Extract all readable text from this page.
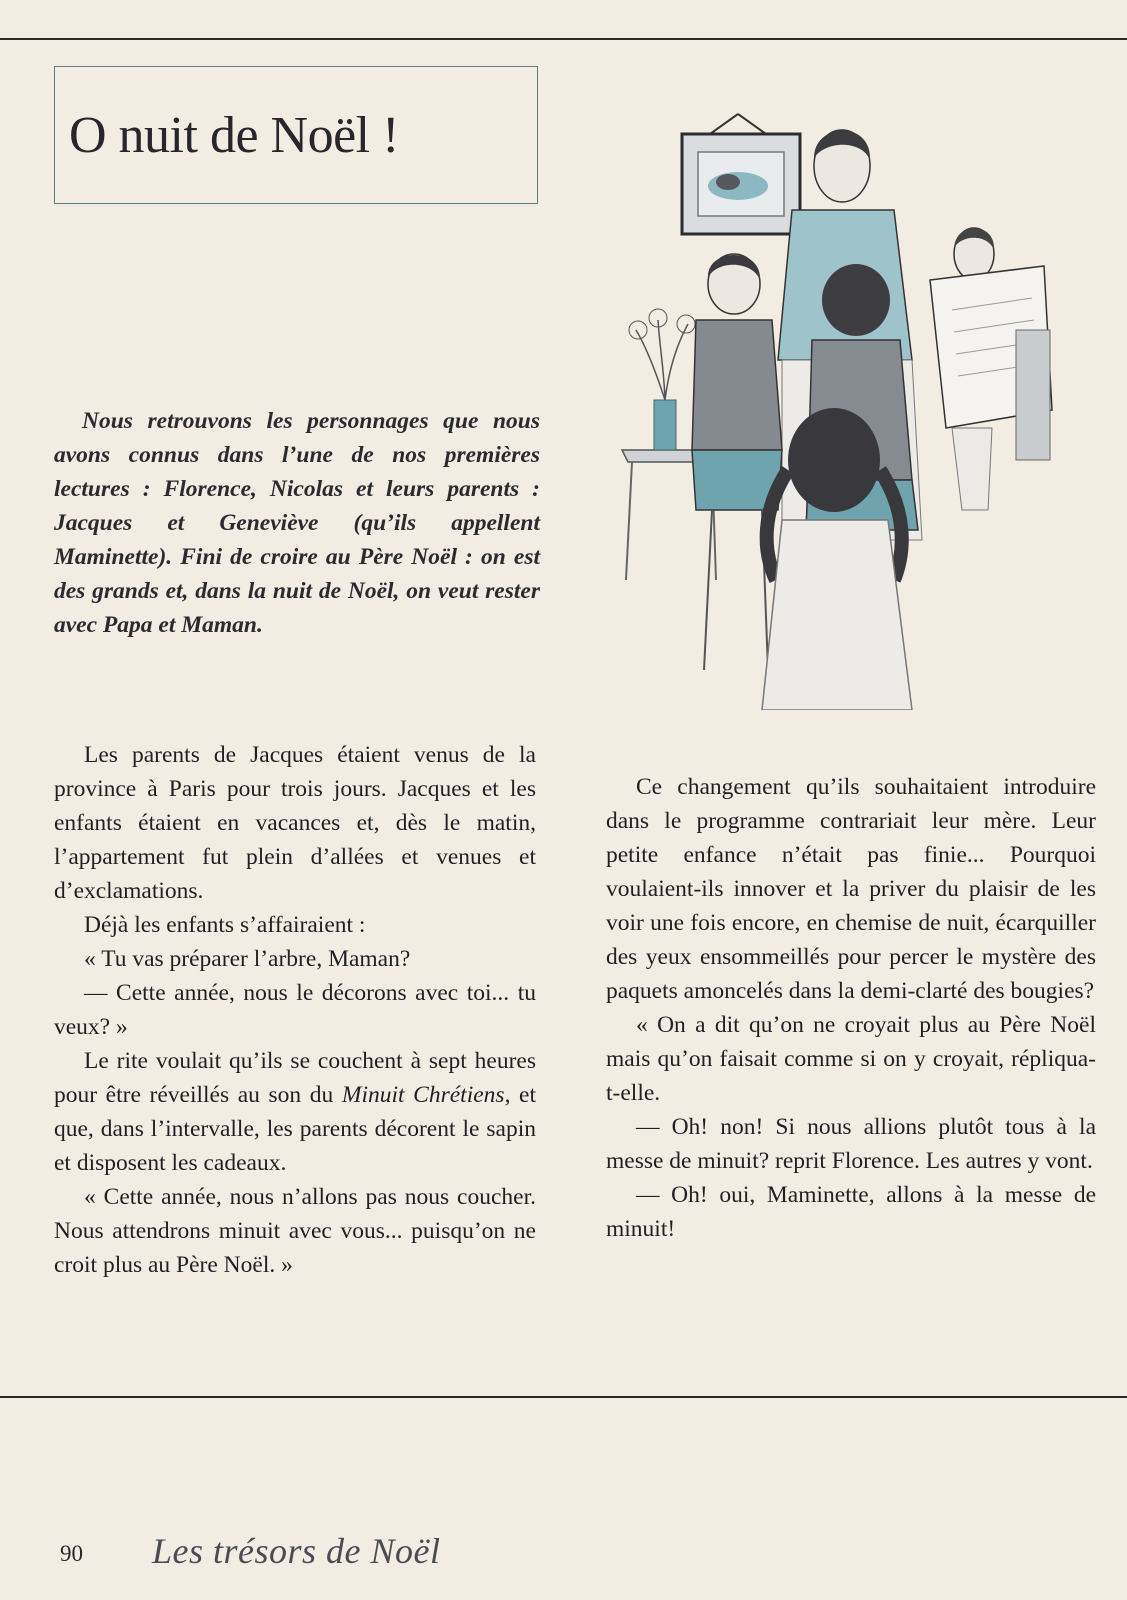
O nuit de Noël !

Nous retrouvons les personnages que nous avons connus dans l’une de nos premières lectures : Florence, Nicolas et leurs parents : Jacques et Geneviève (qu’ils appellent Maminette). Fini de croire au Père Noël : on est des grands et, dans la nuit de Noël, on veut rester avec Papa et Maman.

Les parents de Jacques étaient venus de la province à Paris pour trois jours. Jacques et les enfants étaient en vacances et, dès le matin, l’appartement fut plein d’allées et venues et d’exclamations.

Déjà les enfants s’affairaient :

« Tu vas préparer l’arbre, Maman?

— Cette année, nous le décorons avec toi... tu veux? »

Le rite voulait qu’ils se couchent à sept heures pour être réveillés au son du Minuit Chrétiens, et que, dans l’intervalle, les parents décorent le sapin et disposent les cadeaux.

« Cette année, nous n’allons pas nous coucher. Nous attendrons minuit avec vous... puisqu’on ne croit plus au Père Noël. »

Ce changement qu’ils souhaitaient introduire dans le programme contrariait leur mère. Leur petite enfance n’était pas finie... Pourquoi voulaient-ils innover et la priver du plaisir de les voir une fois encore, en chemise de nuit, écarquiller des yeux ensommeillés pour percer le mystère des paquets amoncelés dans la demi-clarté des bougies?

« On a dit qu’on ne croyait plus au Père Noël mais qu’on faisait comme si on y croyait, répliqua-t-elle.

— Oh! non! Si nous allions plutôt tous à la messe de minuit? reprit Florence. Les autres y vont.

— Oh! oui, Maminette, allons à la messe de minuit!

90 Les trésors de Noël
